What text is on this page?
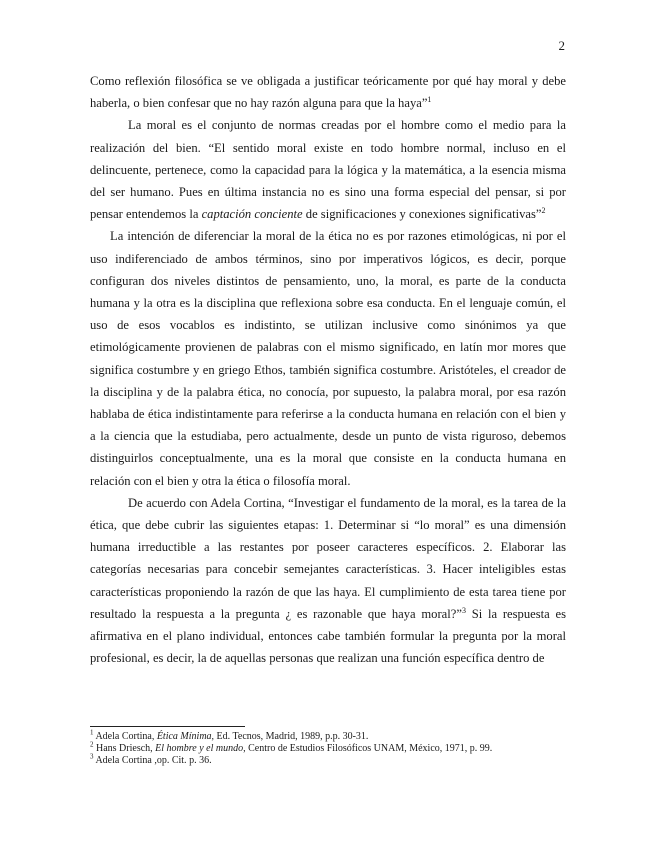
2

Como reflexión filosófica se ve obligada a justificar teóricamente por qué hay moral y debe haberla, o bien confesar que no hay razón alguna para que la haya”$^1$

La moral es el conjunto de normas creadas por el hombre como el medio para la realización del bien. “El sentido moral existe en todo hombre normal, incluso en el delincuente, pertenece, como la capacidad para la lógica y la matemática, a la esencia misma del ser humano. Pues en última instancia no es sino una forma especial del pensar, si por pensar entendemos la captación conciente de significaciones y conexiones significativas”$^2$

La intención de diferenciar la moral de la ética no es por razones etimológicas, ni por el uso indiferenciado de ambos términos, sino por imperativos lógicos, es decir, porque configuran dos niveles distintos de pensamiento, uno, la moral, es parte de la conducta humana y la otra es la disciplina que reflexiona sobre esa conducta. En el lenguaje común, el uso de esos vocablos es indistinto, se utilizan inclusive como sinónimos ya que etimológicamente provienen de palabras con el mismo significado, en latín mor mores que significa costumbre y en griego Ethos, también significa costumbre. Aristóteles, el creador de la disciplina y de la palabra ética, no conocía, por supuesto, la palabra moral, por esa razón hablaba de ética indistintamente para referirse a la conducta humana en relación con el bien y a la ciencia que la estudiaba, pero actualmente, desde un punto de vista riguroso, debemos distinguirlos conceptualmente, una es la moral que consiste en la conducta humana en relación con el bien y otra la ética o filosofía moral.

De acuerdo con Adela Cortina, “Investigar el fundamento de la moral, es la tarea de la ética, que debe cubrir las siguientes etapas: 1. Determinar si “lo moral” es una dimensión humana irreductible a las restantes por poseer caracteres específicos. 2. Elaborar las categorías necesarias para concebir semejantes características. 3. Hacer inteligibles estas características proponiendo la razón de que las haya. El cumplimiento de esta tarea tiene por resultado la respuesta a la pregunta ¿ es razonable que haya moral?”$^3$ Si la respuesta es afirmativa en el plano individual, entonces cabe también formular la pregunta por la moral profesional, es decir, la de aquellas personas que realizan una función específica dentro de

$^1$ Adela Cortina, Ética Mínima, Ed. Tecnos, Madrid, 1989, p.p. 30-31.

$^2$ Hans Driesch, El hombre y el mundo, Centro de Estudios Filosóficos UNAM, México, 1971, p. 99.

$^3$ Adela Cortina ,op. Cit. p. 36.
